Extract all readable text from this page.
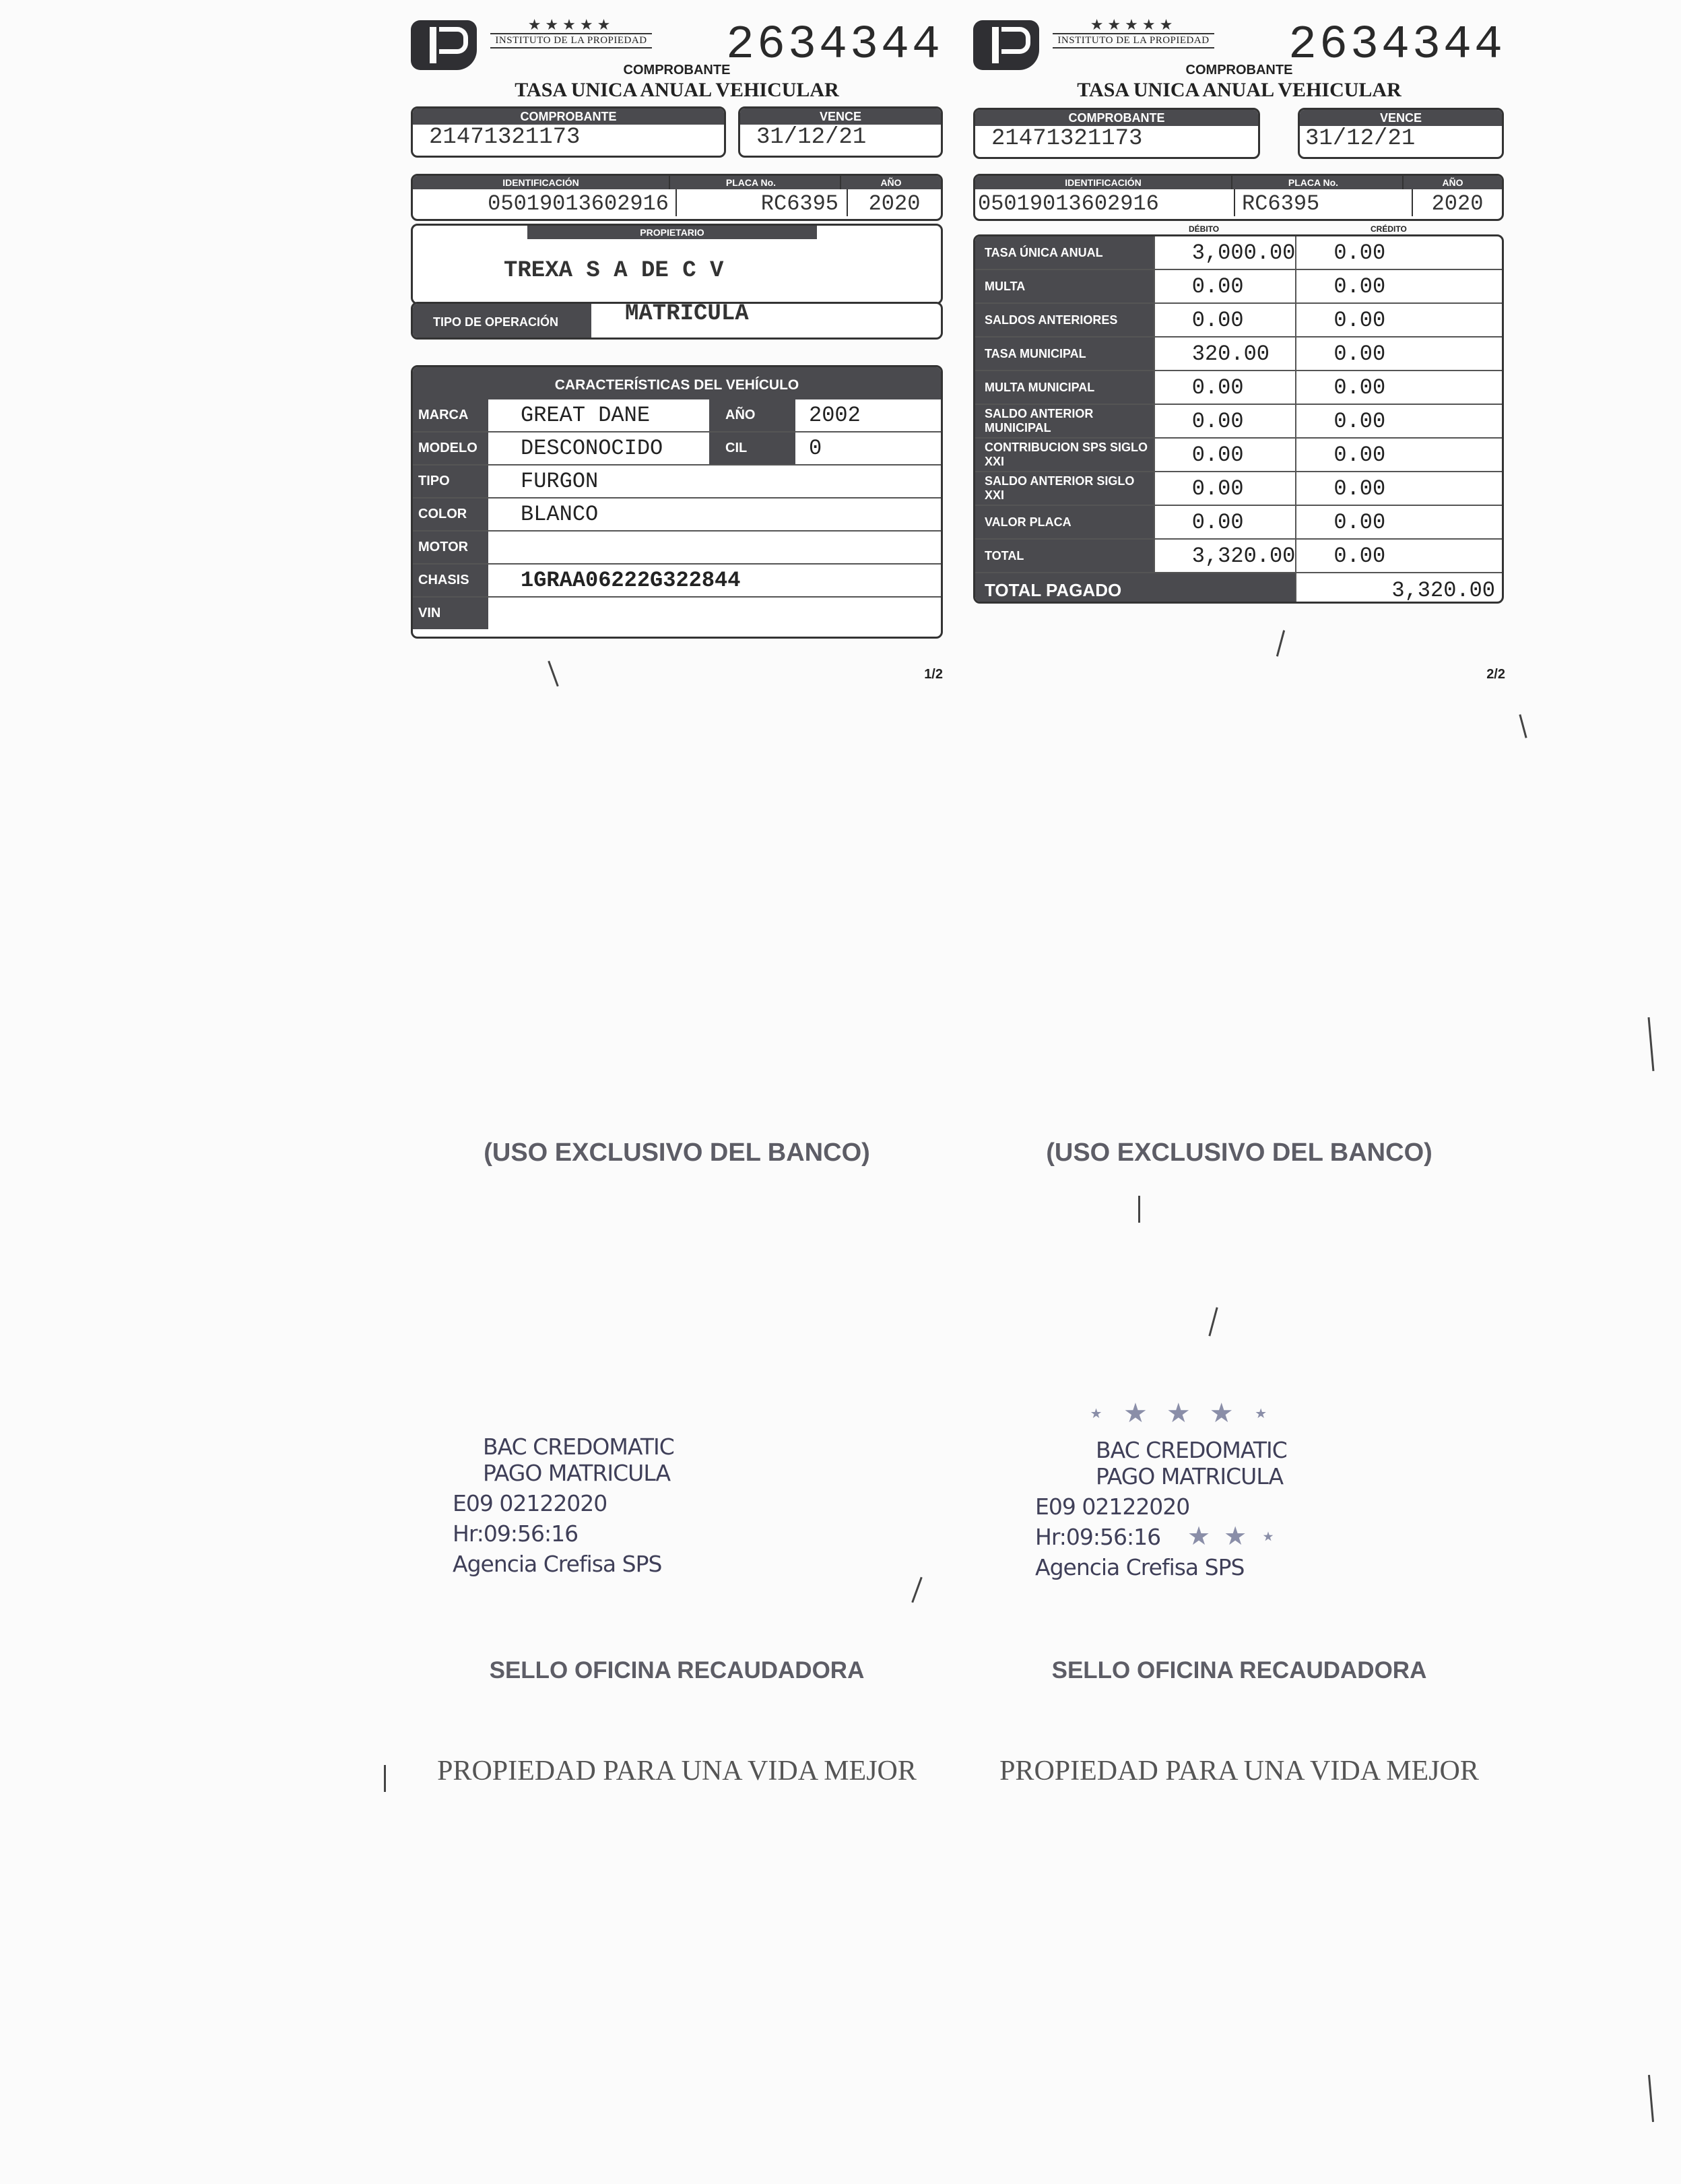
★★★★★
INSTITUTO DE LA PROPIEDAD 2634344
COMPROBANTE
TASA UNICA ANUAL VEHICULAR
COMPROBANTE
21471321173
VENCE
31/12/21
IDENTIFICACIÓN	PLACA No.	AÑO
05019013602916	RC6395	2020
PROPIETARIO
TREXA S A DE C V
TIPO DE OPERACIÓN	MATRICULA
CARACTERÍSTICAS DEL VEHÍCULO
MARCA	GREAT DANE	AÑO	2002
MODELO	DESCONOCIDO	CIL	0
TIPO	FURGON		
COLOR	BLANCO		
MOTOR			
CHASIS	1GRAA06222G322844		
VIN			
1/2
(USO EXCLUSIVO DEL BANCO)
BAC CREDOMATIC
PAGO MATRICULA
E09 02122020
Hr:09:56:16
Agencia Crefisa SPS
SELLO OFICINA RECAUDADORA
PROPIEDAD PARA UNA VIDA MEJOR
★★★★★
INSTITUTO DE LA PROPIEDAD 2634344
COMPROBANTE
TASA UNICA ANUAL VEHICULAR
COMPROBANTE
21471321173
VENCE
31/12/21
IDENTIFICACIÓN	PLACA No.	AÑO
05019013602916	RC6395	2020
DÉBITO	CRÉDITO
TASA ÚNICA ANUAL	3,000.00	0.00
MULTA	0.00	0.00
SALDOS ANTERIORES	0.00	0.00
TASA MUNICIPAL	320.00	0.00
MULTA MUNICIPAL	0.00	0.00
SALDO ANTERIOR MUNICIPAL	0.00	0.00
CONTRIBUCION SPS SIGLO XXI	0.00	0.00
SALDO ANTERIOR SIGLO XXI	0.00	0.00
VALOR PLACA	0.00	0.00
TOTAL	3,320.00	0.00
TOTAL PAGADO		3,320.00
2/2
(USO EXCLUSIVO DEL BANCO)
⋆★★★⋆
★★⋆
BAC CREDOMATIC
PAGO MATRICULA
E09 02122020
Hr:09:56:16
Agencia Crefisa SPS
SELLO OFICINA RECAUDADORA
PROPIEDAD PARA UNA VIDA MEJOR
